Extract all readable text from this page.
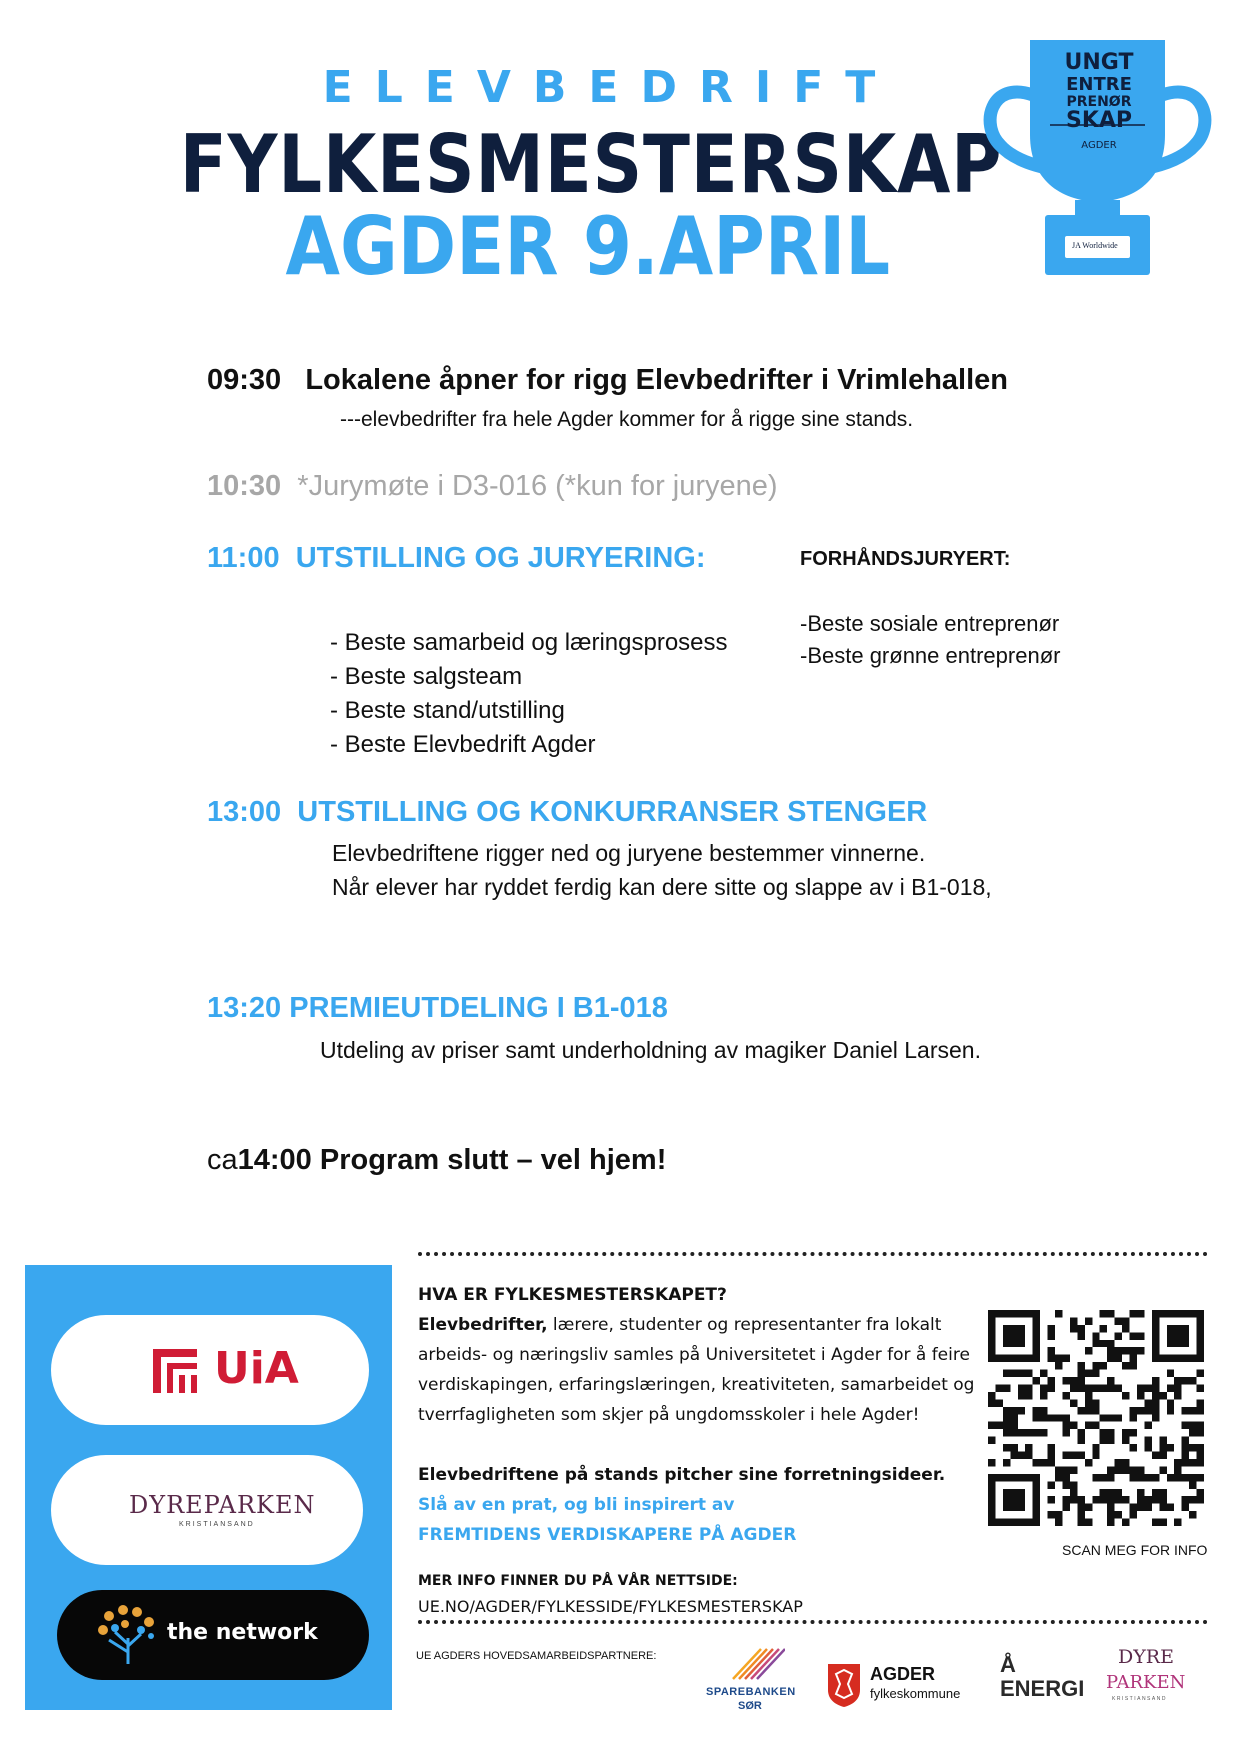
ELEVBEDRIFT
FYLKESMESTERSKAP
AGDER 9.APRIL
UNGT
ENTRE
PRENØR
SKAP
AGDER
JA Worldwide
09:30 Lokalene åpner for rigg Elevbedrifter i Vrimlehallen
---elevbedrifter fra hele Agder kommer for å rigge sine stands.
10:30 *Jurymøte i D3-016 (*kun for juryene)
11:00 UTSTILLING OG JURYERING:	FORHÅNDSJURYERT:
-Beste sosiale entreprenør
-Beste grønne entreprenør
- Beste samarbeid og læringsprosess
- Beste salgsteam
- Beste stand/utstilling
- Beste Elevbedrift Agder
13:00 UTSTILLING OG KONKURRANSER STENGER
Elevbedriftene rigger ned og juryene bestemmer vinnerne.
Når elever har ryddet ferdig kan dere sitte og slappe av i B1-018,
13:20 PREMIEUTDELING I B1-018
Utdeling av priser samt underholdning av magiker Daniel Larsen.
ca14:00 Program slutt – vel hjem!
UiA
DYREPARKEN
KRISTIANSAND
the network
HVA ER FYLKESMESTERSKAPET?
Elevbedrifter, lærere, studenter og representanter fra lokalt
arbeids- og næringsliv samles på Universitetet i Agder for å feire
verdiskapingen, erfaringslæringen, kreativiteten, samarbeidet og
tverrfagligheten som skjer på ungdomsskoler i hele Agder!
Elevbedriftene på stands pitcher sine forretningsideer.
Slå av en prat, og bli inspirert av
FREMTIDENS VERDISKAPERE PÅ AGDER
MER INFO FINNER DU PÅ VÅR NETTSIDE:
UE.NO/AGDER/FYLKESSIDE/FYLKESMESTERSKAP
SCAN MEG FOR INFO
UE AGDERS HOVEDSAMARBEIDSPARTNERE:
SPAREBANKEN
SØR
AGDER
fylkeskommune
Å
ENERGI
DYRE
PARKEN
KRISTIANSAND
